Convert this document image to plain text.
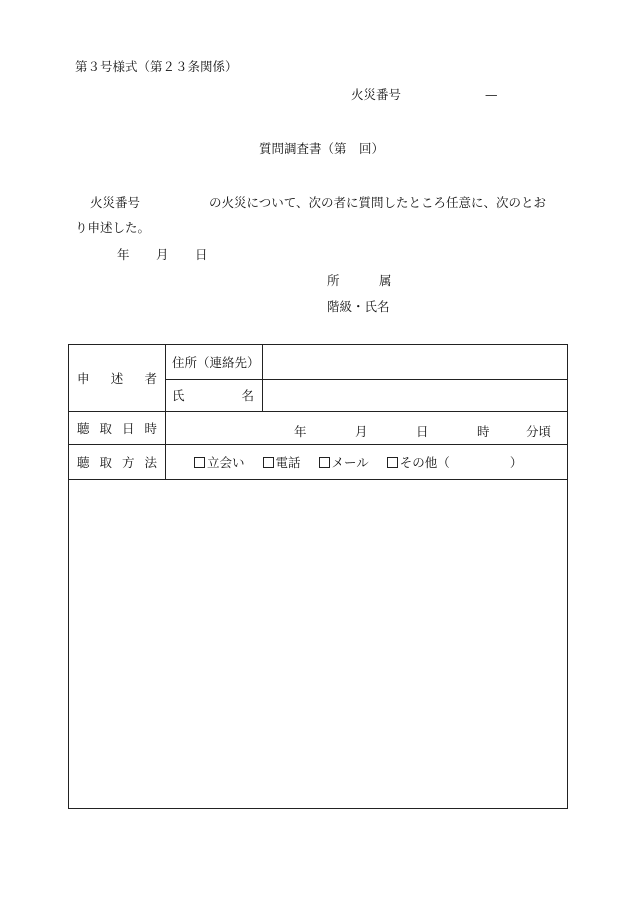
第３号様式（第２３条関係）
火災番号	—
質問調査書（第　回）
火災番号	の火災について、次の者に質問したところ任意に、次のとお
り申述した。
年 月 日
所	属
階級・氏名
申 述 者	住所（連絡先）	

	氏 名	

聴 取 日 時	年 月 日 時 分頃	

聴 取 方 法	立会い 電話 メール その他（ ）	
